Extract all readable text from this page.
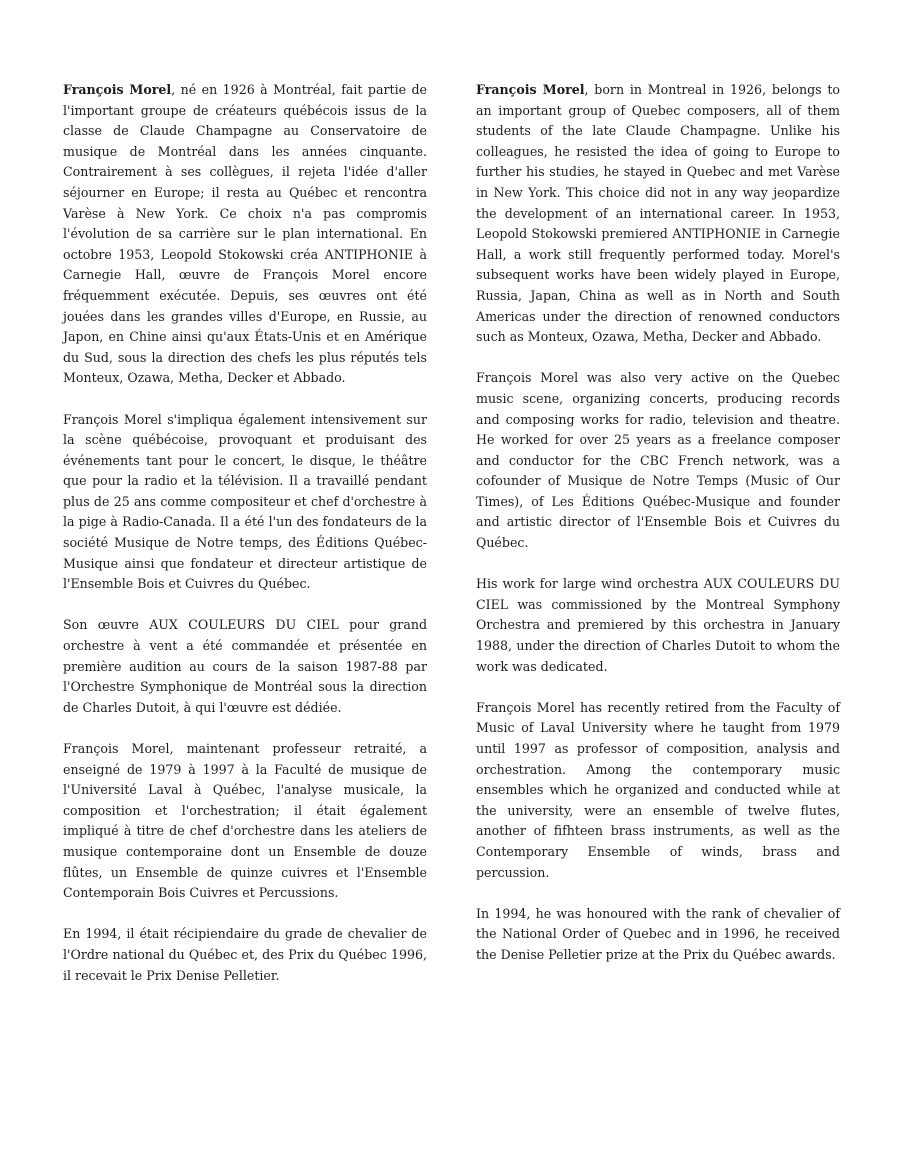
François Morel, né en 1926 à Montréal, fait partie de l'important groupe de créateurs québécois issus de la classe de Claude Champagne au Conservatoire de musique de Montréal dans les années cinquante. Contrairement à ses collègues, il rejeta l'idée d'aller séjourner en Europe; il resta au Québec et rencontra Varèse à New York. Ce choix n'a pas compromis l'évolution de sa carrière sur le plan international. En octobre 1953, Leopold Stokowski créa ANTIPHONIE à Carnegie Hall, œuvre de François Morel encore fréquemment exécutée. Depuis, ses œuvres ont été jouées dans les grandes villes d'Europe, en Russie, au Japon, en Chine ainsi qu'aux États-Unis et en Amérique du Sud, sous la direction des chefs les plus réputés tels Monteux, Ozawa, Metha, Decker et Abbado.

François Morel s'impliqua également intensivement sur la scène québécoise, provoquant et produisant des événements tant pour le concert, le disque, le théâtre que pour la radio et la télévision. Il a travaillé pendant plus de 25 ans comme compositeur et chef d'orchestre à la pige à Radio-Canada. Il a été l'un des fondateurs de la société Musique de Notre temps, des Éditions Québec-Musique ainsi que fondateur et directeur artistique de l'Ensemble Bois et Cuivres du Québec.

Son œuvre AUX COULEURS DU CIEL pour grand orchestre à vent a été commandée et présentée en première audition au cours de la saison 1987-88 par l'Orchestre Symphonique de Montréal sous la direction de Charles Dutoit, à qui l'œuvre est dédiée.

François Morel, maintenant professeur retraité, a enseigné de 1979 à 1997 à la Faculté de musique de l'Université Laval à Québec, l'analyse musicale, la composition et l'orchestration; il était également impliqué à titre de chef d'orchestre dans les ateliers de musique contemporaine dont un Ensemble de douze flûtes, un Ensemble de quinze cuivres et l'Ensemble Contemporain Bois Cuivres et Percussions.

En 1994, il était récipiendaire du grade de chevalier de l'Ordre national du Québec et, des Prix du Québec 1996, il recevait le Prix Denise Pelletier.

François Morel, born in Montreal in 1926, belongs to an important group of Quebec composers, all of them students of the late Claude Champagne. Unlike his colleagues, he resisted the idea of going to Europe to further his studies, he stayed in Quebec and met Varèse in New York. This choice did not in any way jeopardize the development of an international career. In 1953, Leopold Stokowski premiered ANTIPHONIE in Carnegie Hall, a work still frequently performed today. Morel's subsequent works have been widely played in Europe, Russia, Japan, China as well as in North and South Americas under the direction of renowned conductors such as Monteux, Ozawa, Metha, Decker and Abbado.

François Morel was also very active on the Quebec music scene, organizing concerts, producing records and composing works for radio, television and theatre. He worked for over 25 years as a freelance composer and conductor for the CBC French network, was a cofounder of Musique de Notre Temps (Music of Our Times), of Les Éditions Québec-Musique and founder and artistic director of l'Ensemble Bois et Cuivres du Québec.

His work for large wind orchestra AUX COULEURS DU CIEL was commissioned by the Montreal Symphony Orchestra and premiered by this orchestra in January 1988, under the direction of Charles Dutoit to whom the work was dedicated.

François Morel has recently retired from the Faculty of Music of Laval University where he taught from 1979 until 1997 as professor of composition, analysis and orchestration. Among the contemporary music ensembles which he organized and conducted while at the university, were an ensemble of twelve flutes, another of fifhteen brass instruments, as well as the Contemporary Ensemble of winds, brass and percussion.

In 1994, he was honoured with the rank of chevalier of the National Order of Quebec and in 1996, he received the Denise Pelletier prize at the Prix du Québec awards.
